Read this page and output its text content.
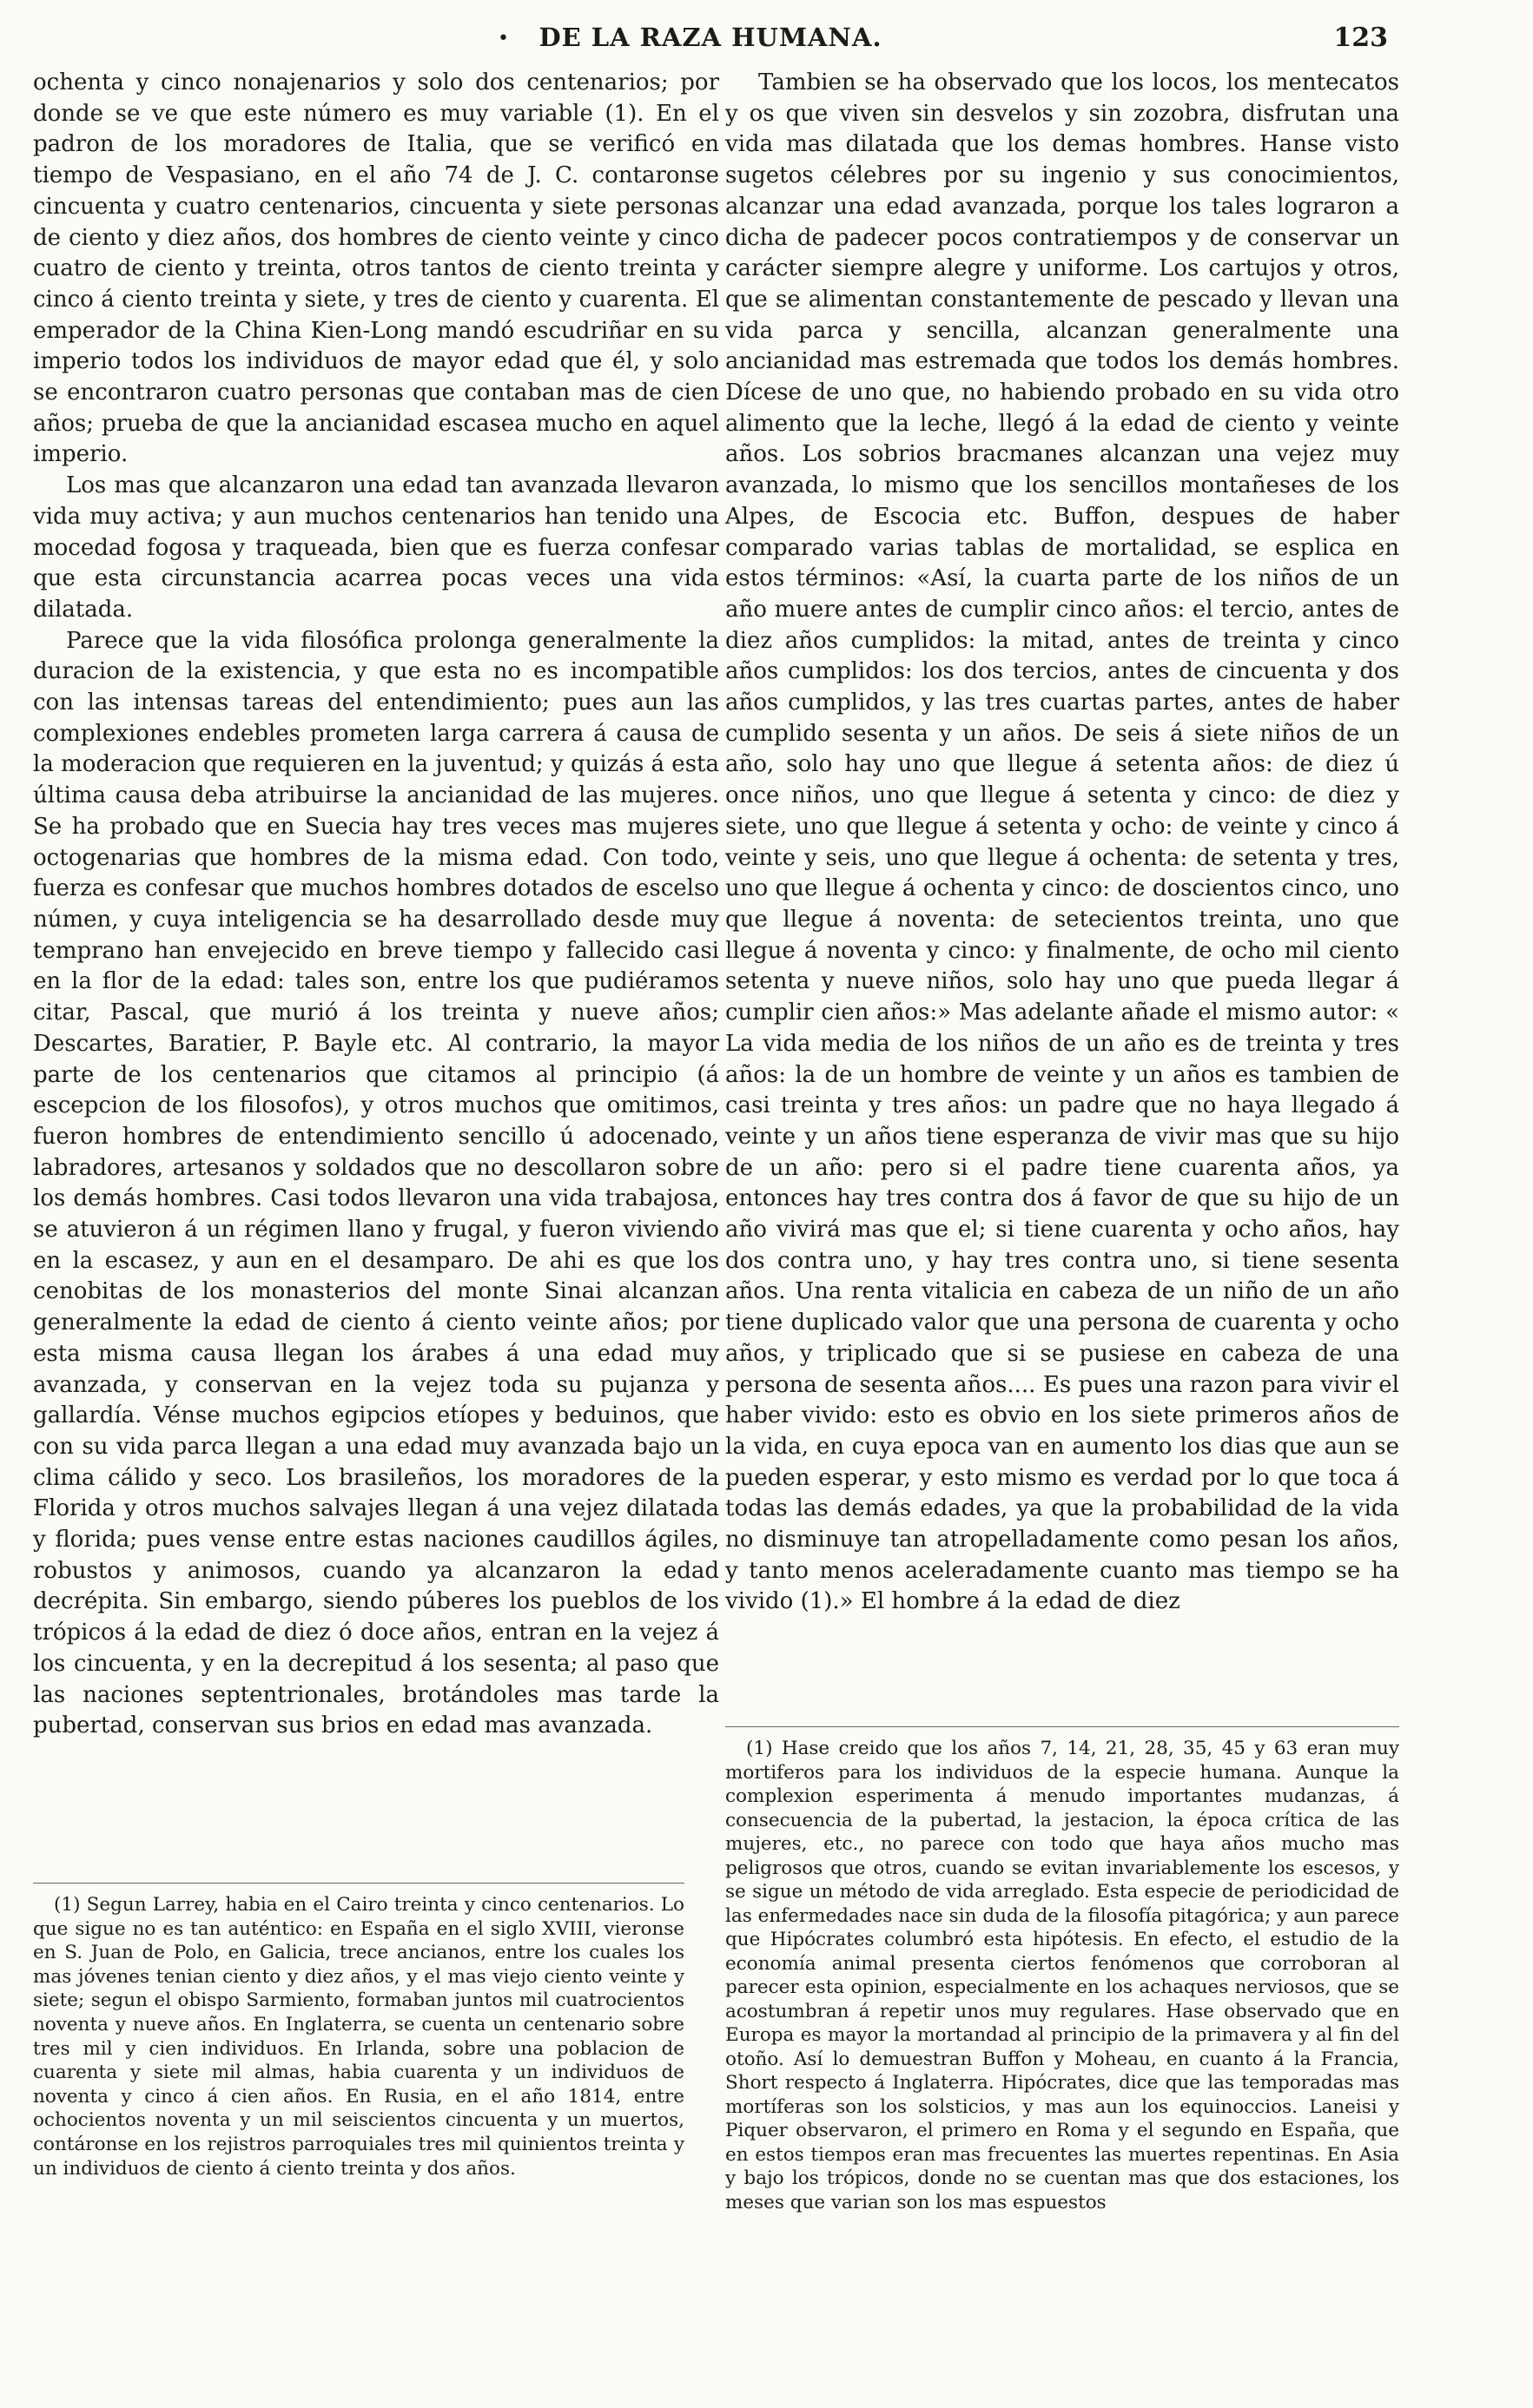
•	DE LA RAZA HUMANA.	123

ochenta y cinco nonajenarios y solo dos centenarios; por donde se ve que este número es muy variable (1). En el padron de los moradores de Italia, que se verificó en tiempo de Vespasiano, en el año 74 de J. C. contaronse cincuenta y cuatro centenarios, cincuenta y siete personas de ciento y diez años, dos hombres de ciento veinte y cinco cuatro de ciento y treinta, otros tantos de ciento treinta y cinco á ciento treinta y siete, y tres de ciento y cuarenta. El emperador de la China Kien-Long mandó escudriñar en su imperio todos los individuos de mayor edad que él, y solo se encontraron cuatro personas que contaban mas de cien años; prueba de que la ancianidad escasea mucho en aquel imperio.

Los mas que alcanzaron una edad tan avanzada llevaron vida muy activa; y aun muchos centenarios han tenido una mocedad fogosa y traqueada, bien que es fuerza confesar que esta circunstancia acarrea pocas veces una vida dilatada.

Parece que la vida filosófica prolonga generalmente la duracion de la existencia, y que esta no es incompatible con las intensas tareas del entendimiento; pues aun las complexiones endebles prometen larga carrera á causa de la moderacion que requieren en la juventud; y quizás á esta última causa deba atribuirse la ancianidad de las mujeres. Se ha probado que en Suecia hay tres veces mas mujeres octogenarias que hombres de la misma edad. Con todo, fuerza es confesar que muchos hombres dotados de escelso númen, y cuya inteligencia se ha desarrollado desde muy temprano han envejecido en breve tiempo y fallecido casi en la flor de la edad: tales son, entre los que pudiéramos citar, Pascal, que murió á los treinta y nueve años; Descartes, Baratier, P. Bayle etc. Al contrario, la mayor parte de los centenarios que citamos al principio (á escepcion de los filosofos), y otros muchos que omitimos, fueron hombres de entendimiento sencillo ú adocenado, labradores, artesanos y soldados que no descollaron sobre los demás hombres. Casi todos llevaron una vida trabajosa, se atuvieron á un régimen llano y frugal, y fueron viviendo en la escasez, y aun en el desamparo. De ahi es que los cenobitas de los monasterios del monte Sinai alcanzan generalmente la edad de ciento á ciento veinte años; por esta misma causa llegan los árabes á una edad muy avanzada, y conservan en la vejez toda su pujanza y gallardía. Vénse muchos egipcios etíopes y beduinos, que con su vida parca llegan a una edad muy avanzada bajo un clima cálido y seco. Los brasileños, los moradores de la Florida y otros muchos salvajes llegan á una vejez dilatada y florida; pues vense entre estas naciones caudillos ágiles, robustos y animosos, cuando ya alcanzaron la edad decrépita. Sin embargo, siendo púberes los pueblos de los trópicos á la edad de diez ó doce años, entran en la vejez á los cincuenta, y en la decrepitud á los sesenta; al paso que las naciones septentrionales, brotándoles mas tarde la pubertad, conservan sus brios en edad mas avanzada.

Tambien se ha observado que los locos, los mentecatos y os que viven sin desvelos y sin zozobra, disfrutan una vida mas dilatada que los demas hombres. Hanse visto sugetos célebres por su ingenio y sus conocimientos, alcanzar una edad avanzada, porque los tales lograron a dicha de padecer pocos contratiempos y de conservar un carácter siempre alegre y uniforme. Los cartujos y otros, que se alimentan constantemente de pescado y llevan una vida parca y sencilla, alcanzan generalmente una ancianidad mas estremada que todos los demás hombres. Dícese de uno que, no habiendo probado en su vida otro alimento que la leche, llegó á la edad de ciento y veinte años. Los sobrios bracmanes alcanzan una vejez muy avanzada, lo mismo que los sencillos montañeses de los Alpes, de Escocia etc. Buffon, despues de haber comparado varias tablas de mortalidad, se esplica en estos términos: «Así, la cuarta parte de los niños de un año muere antes de cumplir cinco años: el tercio, antes de diez años cumplidos: la mitad, antes de treinta y cinco años cumplidos: los dos tercios, antes de cincuenta y dos años cumplidos, y las tres cuartas partes, antes de haber cumplido sesenta y un años. De seis á siete niños de un año, solo hay uno que llegue á setenta años: de diez ú once niños, uno que llegue á setenta y cinco: de diez y siete, uno que llegue á setenta y ocho: de veinte y cinco á veinte y seis, uno que llegue á ochenta: de setenta y tres, uno que llegue á ochenta y cinco: de doscientos cinco, uno que llegue á noventa: de setecientos treinta, uno que llegue á noventa y cinco: y finalmente, de ocho mil ciento setenta y nueve niños, solo hay uno que pueda llegar á cumplir cien años:» Mas adelante añade el mismo autor: « La vida media de los niños de un año es de treinta y tres años: la de un hombre de veinte y un años es tambien de casi treinta y tres años: un padre que no haya llegado á veinte y un años tiene esperanza de vivir mas que su hijo de un año: pero si el padre tiene cuarenta años, ya entonces hay tres contra dos á favor de que su hijo de un año vivirá mas que el; si tiene cuarenta y ocho años, hay dos contra uno, y hay tres contra uno, si tiene sesenta años. Una renta vitalicia en cabeza de un niño de un año tiene duplicado valor que una persona de cuarenta y ocho años, y triplicado que si se pusiese en cabeza de una persona de sesenta años.... Es pues una razon para vivir el haber vivido: esto es obvio en los siete primeros años de la vida, en cuya epoca van en aumento los dias que aun se pueden esperar, y esto mismo es verdad por lo que toca á todas las demás edades, ya que la probabilidad de la vida no disminuye tan atropelladamente como pesan los años, y tanto menos aceleradamente cuanto mas tiempo se ha vivido (1).» El hombre á la edad de diez

(1) Segun Larrey, habia en el Cairo treinta y cinco centenarios. Lo que sigue no es tan auténtico: en España en el siglo XVIII, vieronse en S. Juan de Polo, en Galicia, trece ancianos, entre los cuales los mas jóvenes tenian ciento y diez años, y el mas viejo ciento veinte y siete; segun el obispo Sarmiento, formaban juntos mil cuatrocientos noventa y nueve años. En Inglaterra, se cuenta un centenario sobre tres mil y cien individuos. En Irlanda, sobre una poblacion de cuarenta y siete mil almas, habia cuarenta y un individuos de noventa y cinco á cien años. En Rusia, en el año 1814, entre ochocientos noventa y un mil seiscientos cincuenta y un muertos, contáronse en los rejistros parroquiales tres mil quinientos treinta y un individuos de ciento á ciento treinta y dos años.

(1) Hase creido que los años 7, 14, 21, 28, 35, 45 y 63 eran muy mortiferos para los individuos de la especie humana. Aunque la complexion esperimenta á menudo importantes mudanzas, á consecuencia de la pubertad, la jestacion, la época crítica de las mujeres, etc., no parece con todo que haya años mucho mas peligrosos que otros, cuando se evitan invariablemente los escesos, y se sigue un método de vida arreglado. Esta especie de periodicidad de las enfermedades nace sin duda de la filosofía pitagórica; y aun parece que Hipócrates columbró esta hipótesis. En efecto, el estudio de la economía animal presenta ciertos fenómenos que corroboran al parecer esta opinion, especialmente en los achaques nerviosos, que se acostumbran á repetir unos muy regulares. Hase observado que en Europa es mayor la mortandad al principio de la primavera y al fin del otoño. Así lo demuestran Buffon y Moheau, en cuanto á la Francia, Short respecto á Inglaterra. Hipócrates, dice que las temporadas mas mortíferas son los solsticios, y mas aun los equinoccios. Laneisi y Piquer observaron, el primero en Roma y el segundo en España, que en estos tiempos eran mas frecuentes las muertes repentinas. En Asia y bajo los trópicos, donde no se cuentan mas que dos estaciones, los meses que varian son los mas espuestos
